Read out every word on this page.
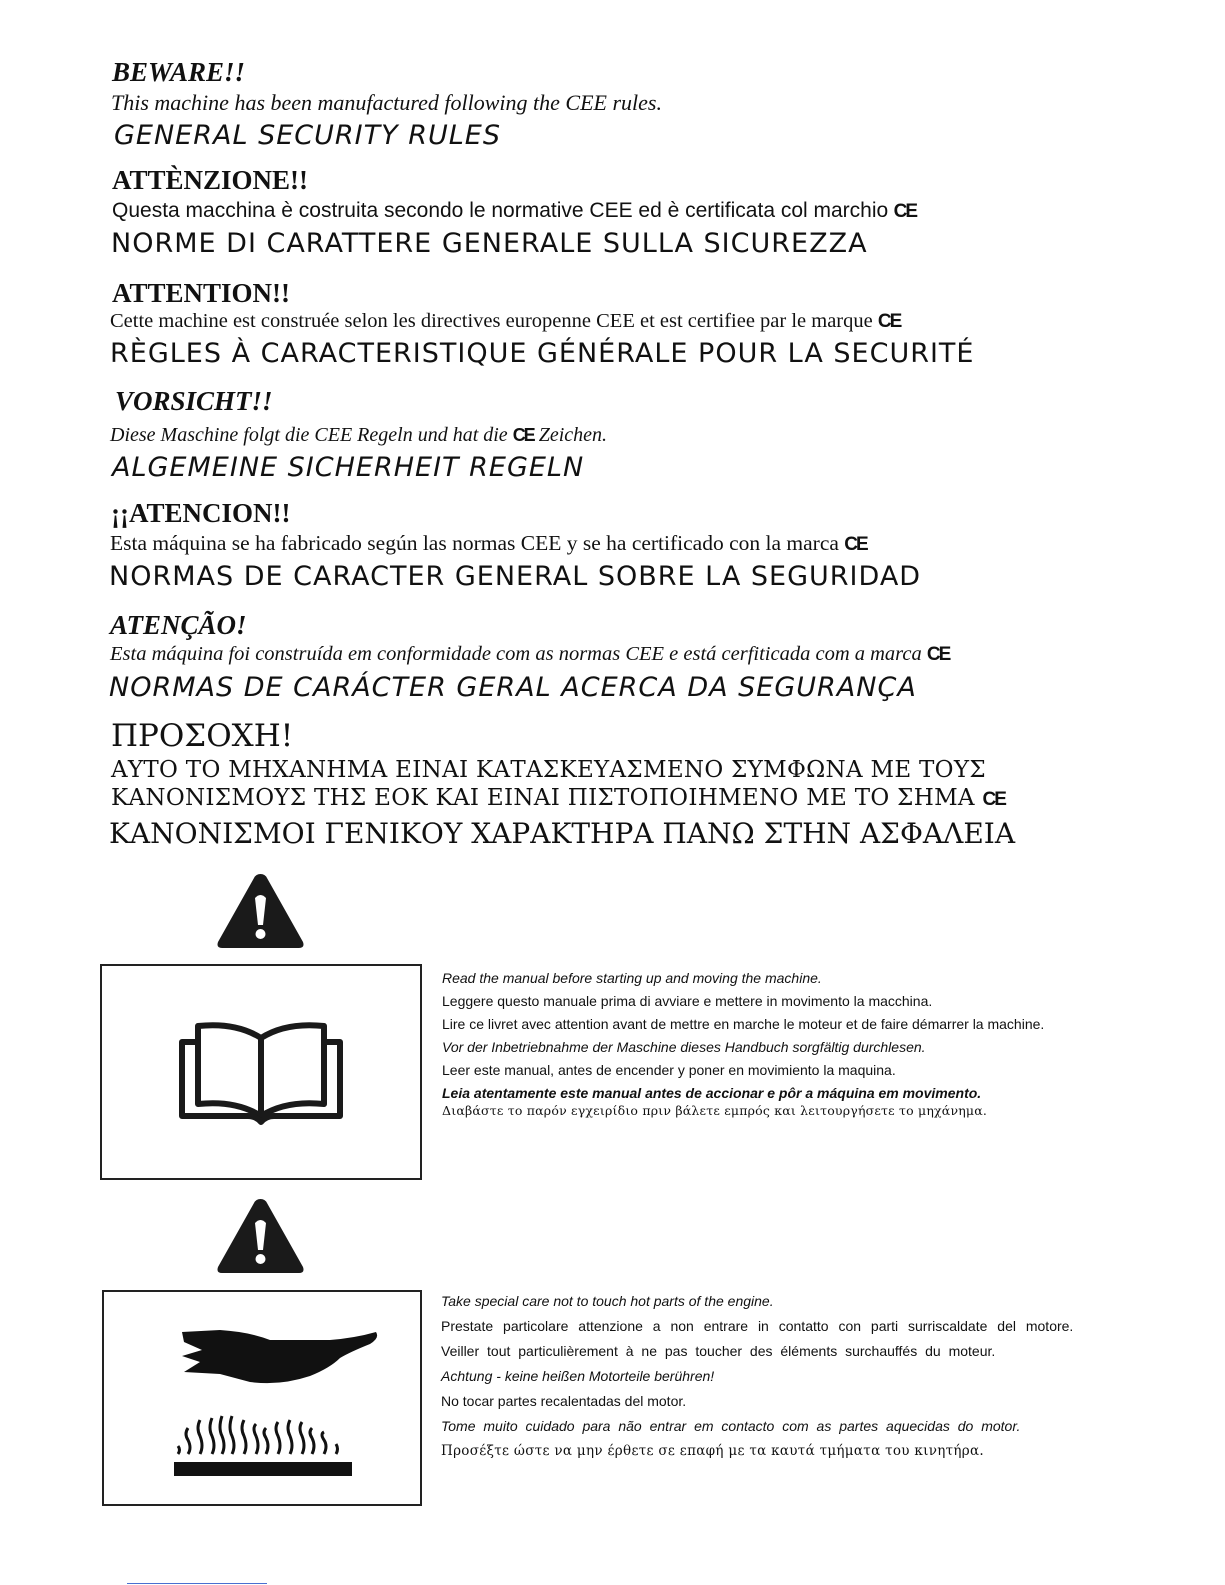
BEWARE!!
This machine has been manufactured following the CEE rules.
GENERAL SECURITY RULES
ATTÈNZIONE!!
Questa macchina è costruita secondo le normative CEE ed è certificata col marchio CE
NORME DI CARATTERE GENERALE SULLA SICUREZZA
ATTENTION!!
Cette machine est construée selon les directives europenne CEE et est certifiee par le marque CE
RÈGLES À CARACTERISTIQUE GÉNÉRALE POUR LA SECURITÉ
VORSICHT!!
Diese Maschine folgt die CEE Regeln und hat die CE Zeichen.
ALGEMEINE SICHERHEIT REGELN
¡¡ATENCION!!
Esta máquina se ha fabricado según las normas CEE y se ha certificado con la marca CE
NORMAS DE CARACTER GENERAL SOBRE LA SEGURIDAD
ATENÇÃO!
Esta máquina foi construída em conformidade com as normas CEE e está cerfiticada com a marca CE
NORMAS DE CARÁCTER GERAL ACERCA DA SEGURANÇA
ΠΡΟΣΟΧΗ!
ΑΥΤΟ ΤΟ ΜΗΧΑΝΗΜΑ ΕΙΝΑΙ ΚΑΤΑΣΚΕΥΑΣΜΕΝΟ ΣΥΜΦΩΝΑ ΜΕ ΤΟΥΣ
ΚΑΝΟΝΙΣΜΟΥΣ ΤΗΣ ΕΟΚ ΚΑΙ ΕΙΝΑΙ ΠΙΣΤΟΠΟΙΗΜΕΝΟ ΜΕ ΤΟ ΣΗΜΑ CE
ΚΑΝΟΝΙΣΜΟΙ ΓΕΝΙΚΟΥ ΧΑΡΑΚΤΗΡΑ ΠΑΝΩ ΣΤΗΝ ΑΣΦΑΛΕΙΑ
Read the manual before starting up and moving the machine.
Leggere questo manuale prima di avviare e mettere in movimento la macchina.
Lire ce livret avec attention avant de mettre en marche le moteur et de faire démarrer la machine.
Vor der Inbetriebnahme der Maschine dieses Handbuch sorgfältig durchlesen.
Leer este manual, antes de encender y poner en movimiento la maquina.
Leia atentamente este manual antes de accionar e pôr a máquina em movimento.
Διαβάστε το παρόν εγχειρίδιο πριν βάλετε εμπρός και λειτουργήσετε το μηχάνημα.
Take special care not to touch hot parts of the engine.
Prestate particolare attenzione a non entrare in contatto con parti surriscaldate del motore.
Veiller tout particulièrement à ne pas toucher des éléments surchauffés du moteur.
Achtung - keine heißen Motorteile berühren!
No tocar partes recalentadas del motor.
Tome muito cuidado para não entrar em contacto com as partes aquecidas do motor.
Προσέξτε ώστε να μην έρθετε σε επαφή με τα καυτά τμήματα του κινητήρα.
